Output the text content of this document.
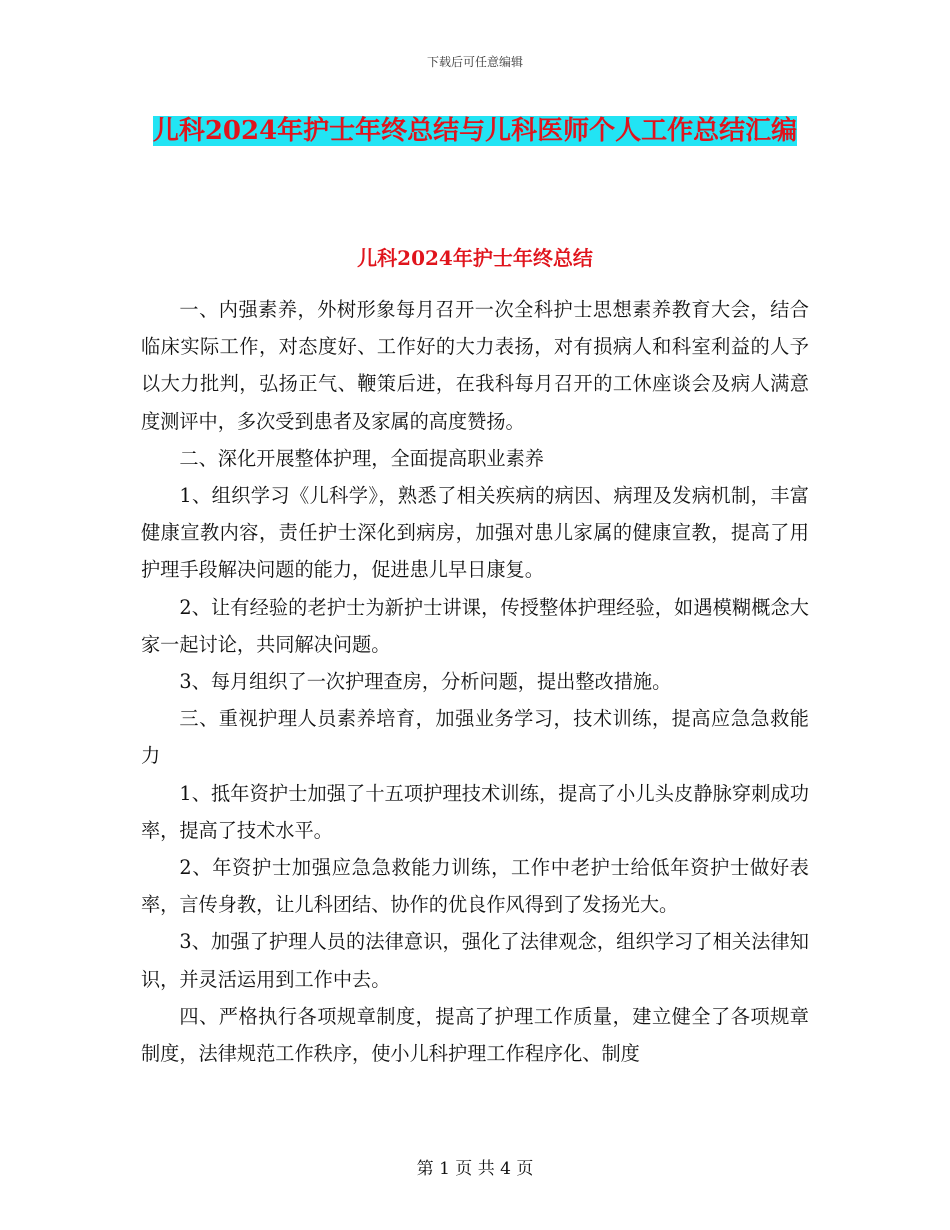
下载后可任意编辑
儿科2024年护士年终总结与儿科医师个人工作总结汇编
儿科2024年护士年终总结

一、内强素养，外树形象每月召开一次全科护士思想素养教育大会，结合临床实际工作，对态度好、工作好的大力表扬，对有损病人和科室利益的人予以大力批判，弘扬正气、鞭策后进，在我科每月召开的工休座谈会及病人满意度测评中，多次受到患者及家属的高度赞扬。

二、深化开展整体护理，全面提高职业素养

1、组织学习《儿科学》，熟悉了相关疾病的病因、病理及发病机制，丰富健康宣教内容，责任护士深化到病房，加强对患儿家属的健康宣教，提高了用护理手段解决问题的能力，促进患儿早日康复。

2、让有经验的老护士为新护士讲课，传授整体护理经验，如遇模糊概念大家一起讨论，共同解决问题。

3、每月组织了一次护理查房，分析问题，提出整改措施。

三、重视护理人员素养培育，加强业务学习，技术训练，提高应急急救能力

1、抵年资护士加强了十五项护理技术训练，提高了小儿头皮静脉穿刺成功率，提高了技术水平。

2、年资护士加强应急急救能力训练，工作中老护士给低年资护士做好表率，言传身教，让儿科团结、协作的优良作风得到了发扬光大。

3、加强了护理人员的法律意识，强化了法律观念，组织学习了相关法律知识，并灵活运用到工作中去。

四、严格执行各项规章制度，提高了护理工作质量，建立健全了各项规章制度，法律规范工作秩序，使小儿科护理工作程序化、制度

第 1 页 共 4 页
